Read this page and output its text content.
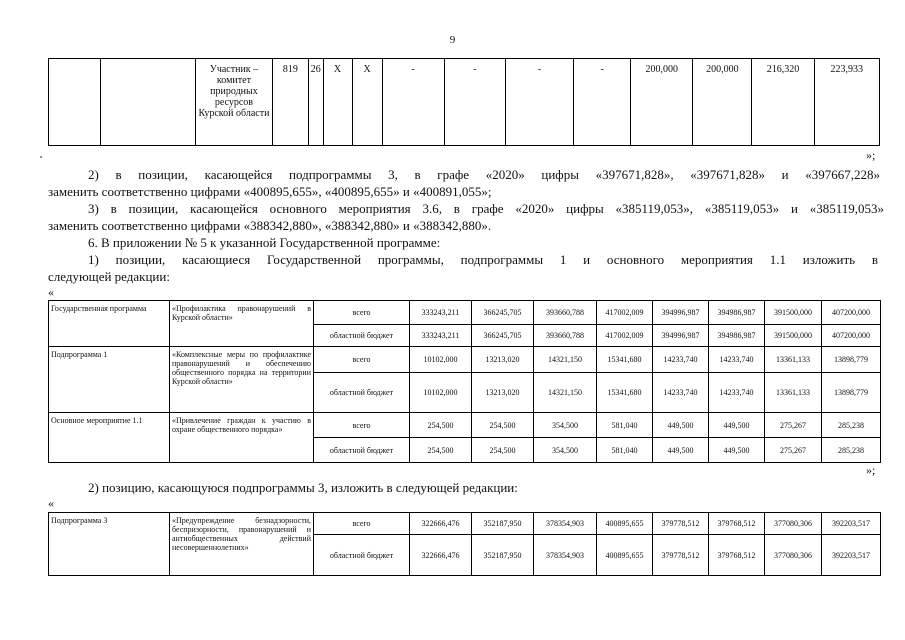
9
		Участник – комитет природных ресурсов Курской области	819	26	X	X	-	-	-	-	200,000	200,000	216,320	223,933
»;
2) в позиции, касающейся подпрограммы 3, в графе «2020» цифры «397671,828», «397671,828» и «397667,228»
заменить соответственно цифрами «400895,655», «400895,655» и «400891,055»;
3) в позиции, касающейся основного мероприятия 3.6, в графе «2020» цифры «385119,053», «385119,053» и «385119,053»
заменить соответственно цифрами «388342,880», «388342,880» и «388342,880».
6. В приложении № 5 к указанной Государственной программе:
1) позиции, касающиеся Государственной программы, подпрограммы 1 и основного мероприятия 1.1 изложить в
следующей редакции:
«
Государственная программа	«Профилактика правонарушений в Курской области»	всего	333243,211	366245,705	393660,788	417002,009	394996,987	394986,987	391500,000	407200,000
		областной бюджет	333243,211	366245,705	393660,788	417002,009	394996,987	394986,987	391500,000	407200,000
Подпрограмма 1	«Комплексные меры по профилактике правонарушений и обеспечению общественного порядка на территории Курской области»	всего	10102,000	13213,020	14321,150	15341,680	14233,740	14233,740	13361,133	13898,779
		областной бюджет	10102,000	13213,020	14321,150	15341,680	14233,740	14233,740	13361,133	13898,779
Основное мероприятие 1.1	«Привлечение граждан к участию в охране общественного порядка»	всего	254,500	254,500	354,500	581,040	449,500	449,500	275,267	285,238
		областной бюджет	254,500	254,500	354,500	581,040	449,500	449,500	275,267	285,238
»;
2) позицию, касающуюся подпрограммы 3, изложить в следующей редакции:
«
Подпрограмма 3	«Предупреждение безнадзорности, беспризорности, правонарушений и антиобщественных действий несовершеннолетних»	всего	322666,476	352187,950	378354,903	400895,655	379778,512	379768,512	377080,306	392203,517
		областной бюджет	322666,476	352187,950	378354,903	400895,655	379778,512	379768,512	377080,306	392203,517
